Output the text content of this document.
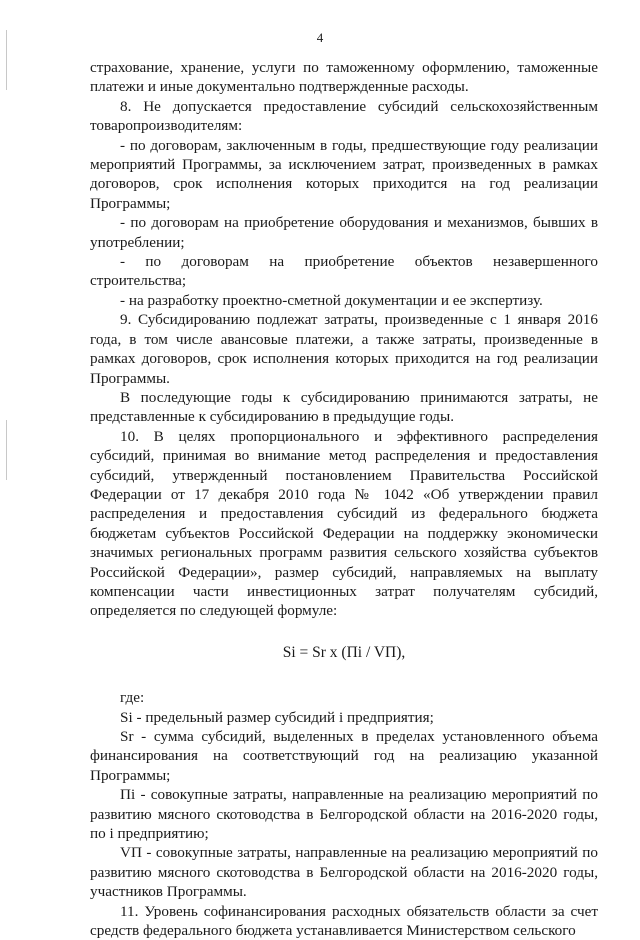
4

страхование, хранение, услуги по таможенному оформлению, таможенные платежи и иные документально подтвержденные расходы.

8. Не допускается предоставление субсидий сельскохозяйственным товаропроизводителям:

- по договорам, заключенным в годы, предшествующие году реализации мероприятий Программы, за исключением затрат, произведенных в рамках договоров, срок исполнения которых приходится на год реализации Программы;

- по договорам на приобретение оборудования и механизмов, бывших в употреблении;

- по договорам на приобретение объектов незавершенного строительства;

- на разработку проектно-сметной документации и ее экспертизу.

9. Субсидированию подлежат затраты, произведенные с 1 января 2016 года, в том числе авансовые платежи, а также затраты, произведенные в рамках договоров, срок исполнения которых приходится на год реализации Программы.

В последующие годы к субсидированию принимаются затраты, не представленные к субсидированию в предыдущие годы.

10. В целях пропорционального и эффективного распределения субсидий, принимая во внимание метод распределения и предоставления субсидий, утвержденный постановлением Правительства Российской Федерации от 17 декабря 2010 года № 1042 «Об утверждении правил распределения и предоставления субсидий из федерального бюджета бюджетам субъектов Российской Федерации на поддержку экономически значимых региональных программ развития сельского хозяйства субъектов Российской Федерации», размер субсидий, направляемых на выплату компенсации части инвестиционных затрат получателям субсидий, определяется по следующей формуле:

Si = Sr x (Пi / VП),

где:

Si - предельный размер субсидий i предприятия;

Sr - сумма субсидий, выделенных в пределах установленного объема финансирования на соответствующий год на реализацию указанной Программы;

Пi - совокупные затраты, направленные на реализацию мероприятий по развитию мясного скотоводства в Белгородской области на 2016-2020 годы, по i предприятию;

VП - совокупные затраты, направленные на реализацию мероприятий по развитию мясного скотоводства в Белгородской области на 2016-2020 годы, участников Программы.

11. Уровень софинансирования расходных обязательств области за счет средств федерального бюджета устанавливается Министерством сельского
